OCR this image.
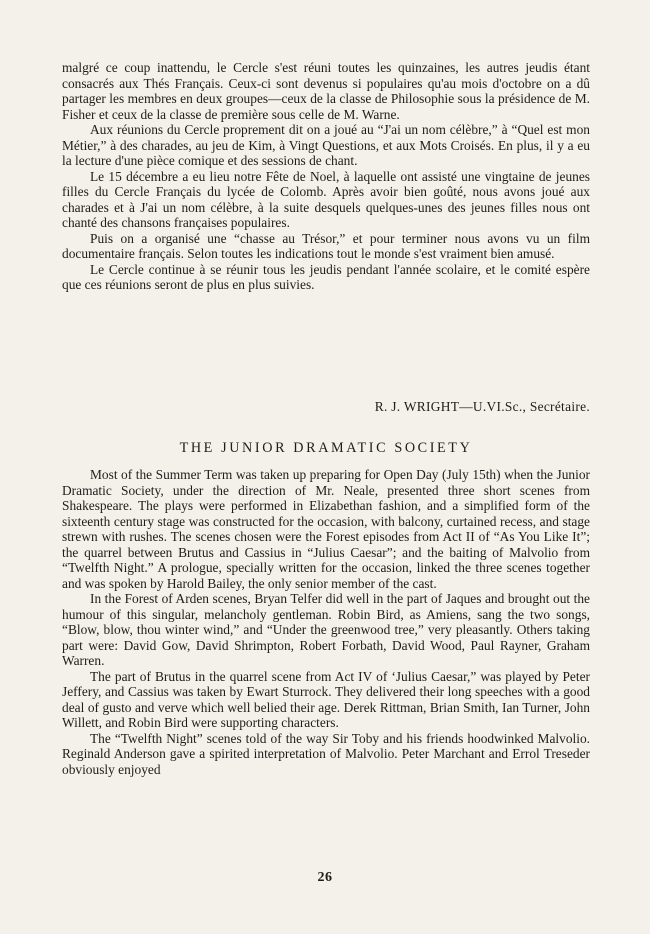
malgré ce coup inattendu, le Cercle s'est réuni toutes les quinzaines, les autres jeudis étant consacrés aux Thés Français. Ceux-ci sont devenus si populaires qu'au mois d'octobre on a dû partager les membres en deux groupes—ceux de la classe de Philosophie sous la présidence de M. Fisher et ceux de la classe de première sous celle de M. Warne.

Aux réunions du Cercle proprement dit on a joué au “J'ai un nom célèbre,” à “Quel est mon Métier,” à des charades, au jeu de Kim, à Vingt Questions, et aux Mots Croisés. En plus, il y a eu la lecture d'une pièce comique et des sessions de chant.

Le 15 décembre a eu lieu notre Fête de Noel, à laquelle ont assisté une vingtaine de jeunes filles du Cercle Français du lycée de Colomb. Après avoir bien goûté, nous avons joué aux charades et à J'ai un nom célèbre, à la suite desquels quelques-unes des jeunes filles nous ont chanté des chansons françaises populaires.

Puis on a organisé une “chasse au Trésor,” et pour terminer nous avons vu un film documentaire français. Selon toutes les indications tout le monde s'est vraiment bien amusé.

Le Cercle continue à se réunir tous les jeudis pendant l'année scolaire, et le comité espère que ces réunions seront de plus en plus suivies.

R. J. WRIGHT—U.VI.Sc., Secrétaire.
THE JUNIOR DRAMATIC SOCIETY

Most of the Summer Term was taken up preparing for Open Day (July 15th) when the Junior Dramatic Society, under the direction of Mr. Neale, presented three short scenes from Shakespeare. The plays were performed in Elizabethan fashion, and a simplified form of the sixteenth century stage was constructed for the occasion, with balcony, curtained recess, and stage strewn with rushes. The scenes chosen were the Forest episodes from Act II of “As You Like It”; the quarrel between Brutus and Cassius in “Julius Caesar”; and the baiting of Malvolio from “Twelfth Night.” A prologue, specially written for the occasion, linked the three scenes together and was spoken by Harold Bailey, the only senior member of the cast.

In the Forest of Arden scenes, Bryan Telfer did well in the part of Jaques and brought out the humour of this singular, melancholy gentleman. Robin Bird, as Amiens, sang the two songs, “Blow, blow, thou winter wind,” and “Under the greenwood tree,” very pleasantly. Others taking part were: David Gow, David Shrimpton, Robert Forbath, David Wood, Paul Rayner, Graham Warren.

The part of Brutus in the quarrel scene from Act IV of ‘Julius Caesar,” was played by Peter Jeffery, and Cassius was taken by Ewart Sturrock. They delivered their long speeches with a good deal of gusto and verve which well belied their age. Derek Rittman, Brian Smith, Ian Turner, John Willett, and Robin Bird were supporting characters.

The “Twelfth Night” scenes told of the way Sir Toby and his friends hoodwinked Malvolio. Reginald Anderson gave a spirited interpretation of Malvolio. Peter Marchant and Errol Treseder obviously enjoyed

26
